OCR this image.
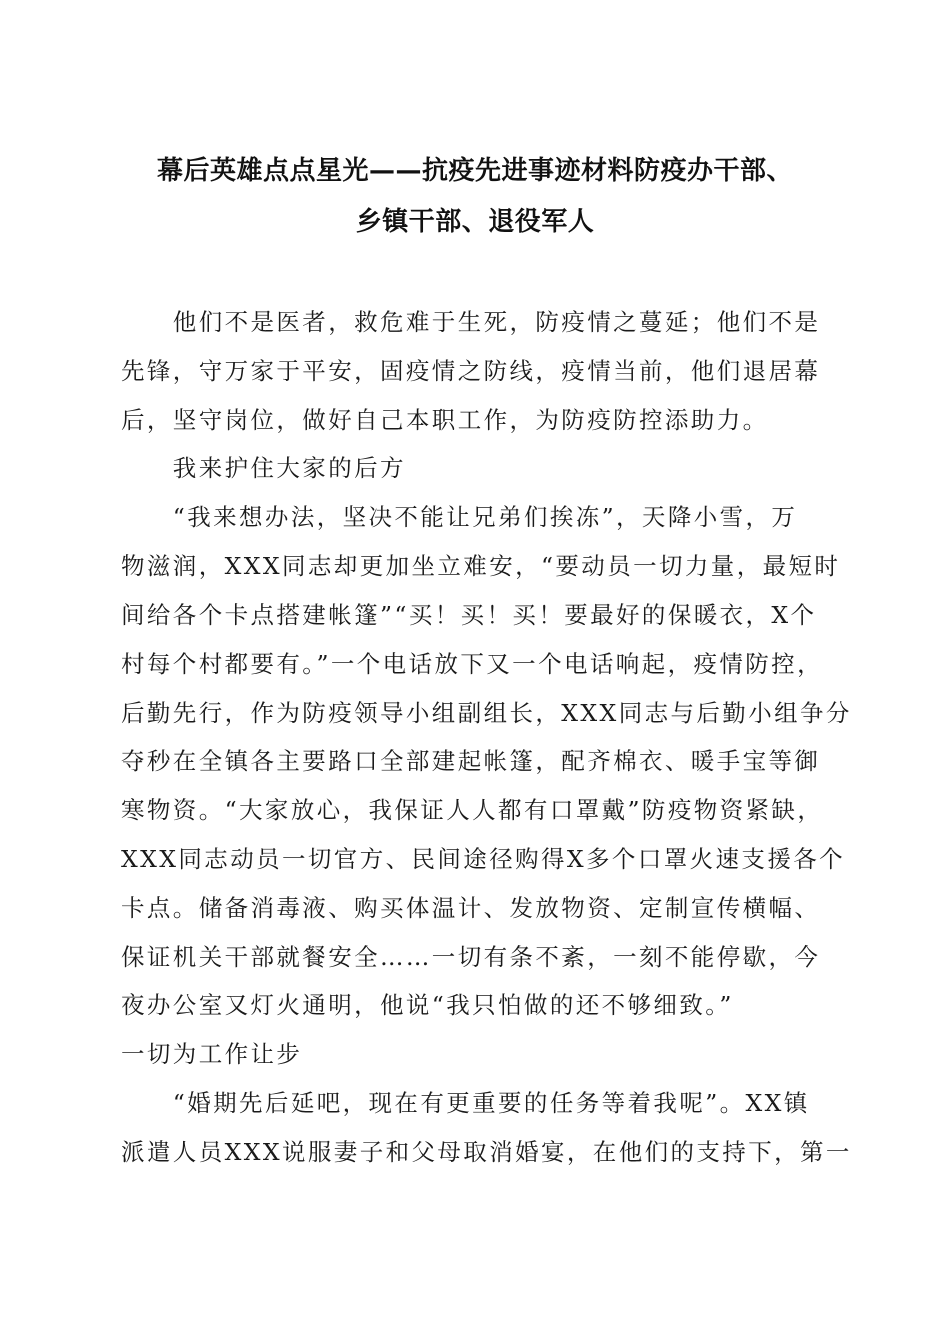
幕后英雄点点星光——抗疫先进事迹材料防疫办干部、
乡镇干部、退役军人
　　他们不是医者，救危难于生死，防疫情之蔓延；他们不是
先锋，守万家于平安，固疫情之防线，疫情当前，他们退居幕
后，坚守岗位，做好自己本职工作，为防疫防控添助力。
　　我来护住大家的后方
　　“我来想办法，坚决不能让兄弟们挨冻”，天降小雪，万
物滋润，XXX同志却更加坐立难安，“要动员一切力量，最短时
间给各个卡点搭建帐篷”“买！买！买！要最好的保暖衣，X个
村每个村都要有。”一个电话放下又一个电话响起，疫情防控，
后勤先行，作为防疫领导小组副组长，XXX同志与后勤小组争分
夺秒在全镇各主要路口全部建起帐篷，配齐棉衣、暖手宝等御
寒物资。“大家放心，我保证人人都有口罩戴”防疫物资紧缺，
XXX同志动员一切官方、民间途径购得X多个口罩火速支援各个
卡点。储备消毒液、购买体温计、发放物资、定制宣传横幅、
保证机关干部就餐安全……一切有条不紊，一刻不能停歇，今
夜办公室又灯火通明，他说“我只怕做的还不够细致。”
一切为工作让步
　　“婚期先后延吧，现在有更重要的任务等着我呢”。XX镇
派遣人员XXX说服妻子和父母取消婚宴，在他们的支持下，第一
